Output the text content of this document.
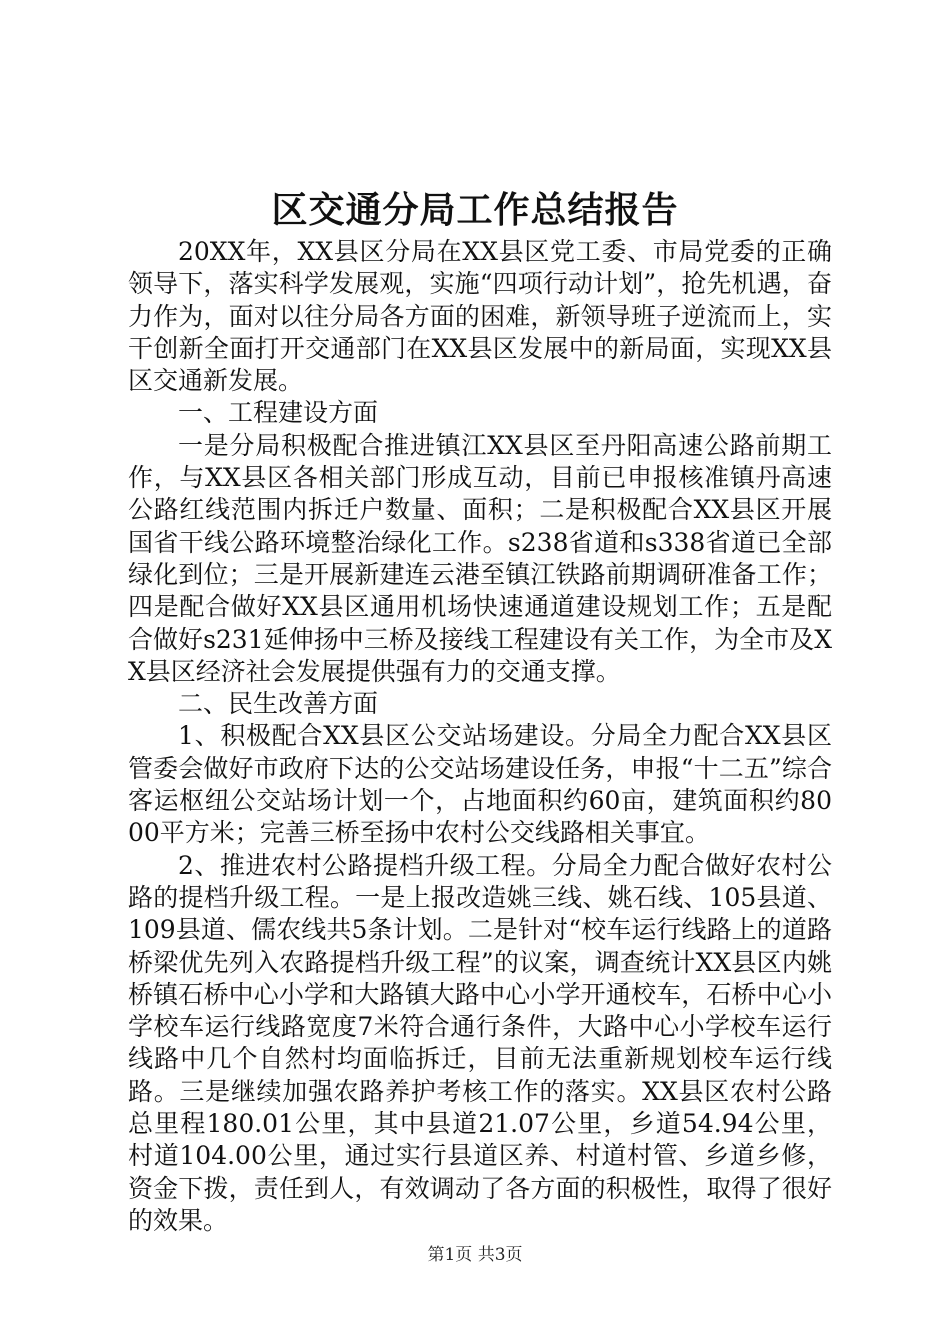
区交通分局工作总结报告

20XX年，XX县区分局在XX县区党工委、市局党委的正确领导下，落实科学发展观，实施“四项行动计划”，抢先机遇，奋力作为，面对以往分局各方面的困难，新领导班子逆流而上，实干创新全面打开交通部门在XX县区发展中的新局面，实现XX县区交通新发展。

一、工程建设方面

一是分局积极配合推进镇江XX县区至丹阳高速公路前期工作，与XX县区各相关部门形成互动，目前已申报核准镇丹高速公路红线范围内拆迁户数量、面积；二是积极配合XX县区开展国省干线公路环境整治绿化工作。s238省道和s338省道已全部绿化到位；三是开展新建连云港至镇江铁路前期调研准备工作；四是配合做好XX县区通用机场快速通道建设规划工作；五是配合做好s231延伸扬中三桥及接线工程建设有关工作，为全市及XX县区经济社会发展提供强有力的交通支撑。

二、民生改善方面

1、积极配合XX县区公交站场建设。分局全力配合XX县区管委会做好市政府下达的公交站场建设任务，申报“十二五”综合客运枢纽公交站场计划一个，占地面积约60亩，建筑面积约8000平方米；完善三桥至扬中农村公交线路相关事宜。

2、推进农村公路提档升级工程。分局全力配合做好农村公路的提档升级工程。一是上报改造姚三线、姚石线、105县道、109县道、儒农线共5条计划。二是针对“校车运行线路上的道路桥梁优先列入农路提档升级工程”的议案，调查统计XX县区内姚桥镇石桥中心小学和大路镇大路中心小学开通校车，石桥中心小学校车运行线路宽度7米符合通行条件，大路中心小学校车运行线路中几个自然村均面临拆迁，目前无法重新规划校车运行线路。三是继续加强农路养护考核工作的落实。XX县区农村公路总里程180.01公里，其中县道21.07公里，乡道54.94公里，村道104.00公里，通过实行县道区养、村道村管、乡道乡修，资金下拨，责任到人，有效调动了各方面的积极性，取得了很好的效果。

第1页 共3页
